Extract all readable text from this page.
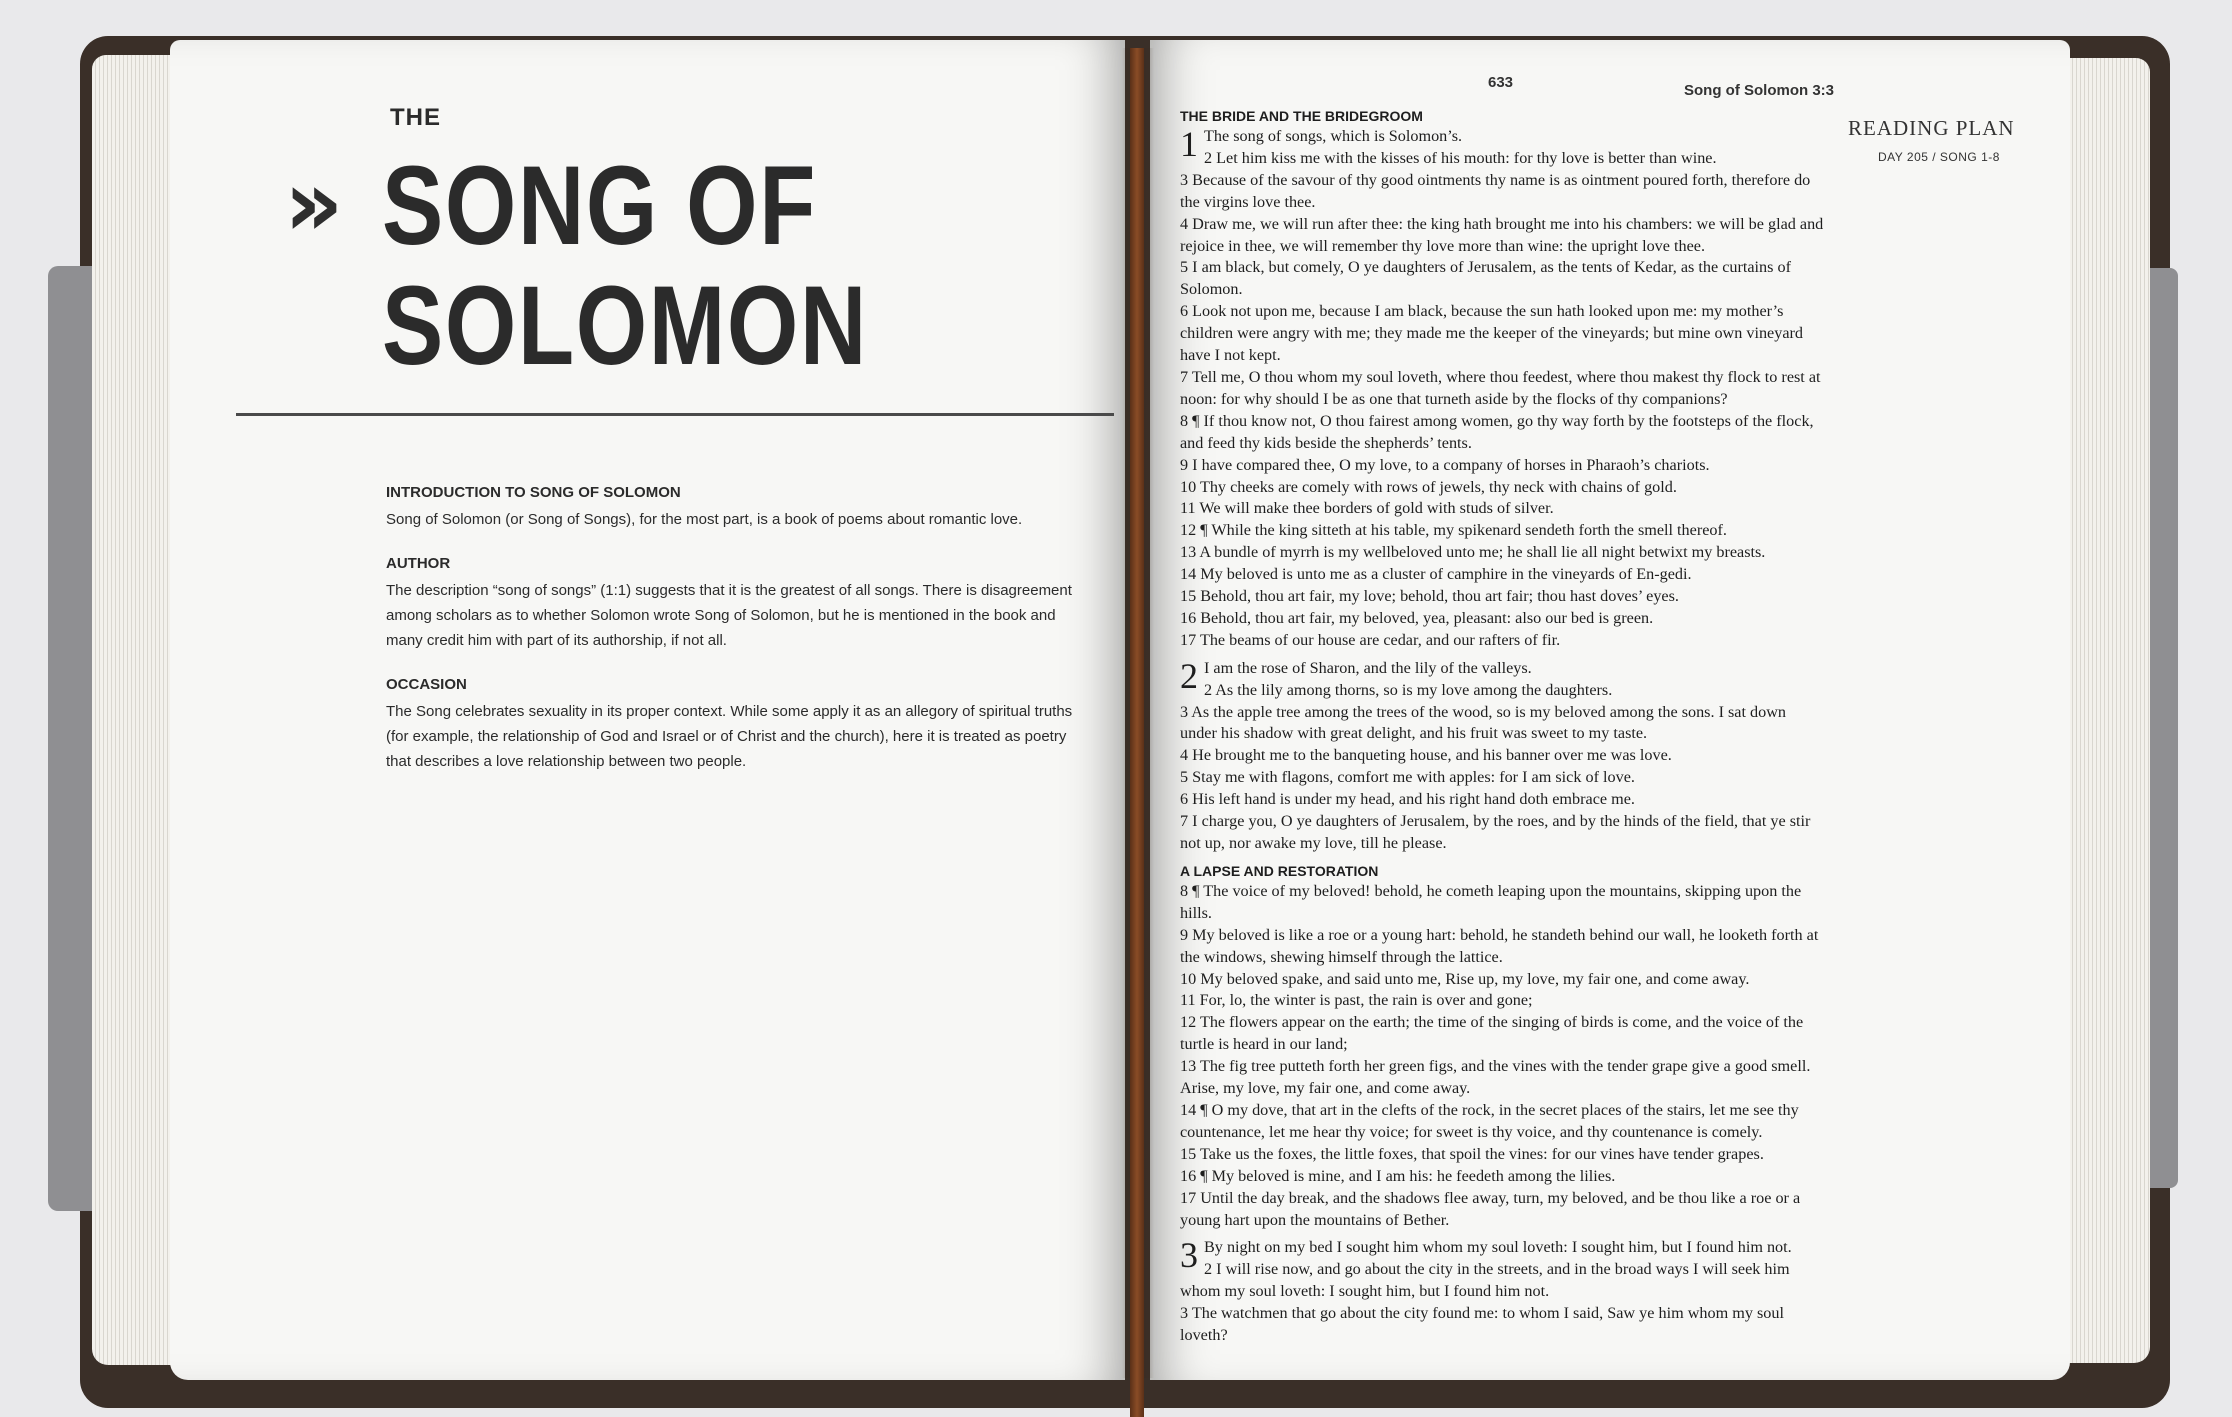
THE
» SONG OF
SOLOMON
INTRODUCTION TO SONG OF SOLOMON

Song of Solomon (or Song of Songs), for the most part, is a book of poems about romantic love.

AUTHOR

The description “song of songs” (1:1) suggests that it is the greatest of all songs. There is disagreement among scholars as to whether Solomon wrote Song of Solomon, but he is mentioned in the book and many credit him with part of its authorship, if not all.

OCCASION

The Song celebrates sexuality in its proper context. While some apply it as an allegory of spiritual truths (for example, the relationship of God and Israel or of Christ and the church), here it is treated as poetry that describes a love relationship between two people.

633	Song of Solomon 3:3
READING PLAN
DAY 205 / SONG 1-8
THE BRIDE AND THE BRIDEGROOM
1 The song of songs, which is Solomon’s.

2 Let him kiss me with the kisses of his mouth: for thy love is better than wine.

3 Because of the savour of thy good ointments thy name is as ointment poured forth, therefore do the virgins love thee.

4 Draw me, we will run after thee: the king hath brought me into his chambers: we will be glad and rejoice in thee, we will remember thy love more than wine: the upright love thee.

5 I am black, but comely, O ye daughters of Jerusalem, as the tents of Kedar, as the curtains of Solomon.

6 Look not upon me, because I am black, because the sun hath looked upon me: my mother’s children were angry with me; they made me the keeper of the vineyards; but mine own vineyard have I not kept.

7 Tell me, O thou whom my soul loveth, where thou feedest, where thou makest thy flock to rest at noon: for why should I be as one that turneth aside by the flocks of thy companions?

8 ¶ If thou know not, O thou fairest among women, go thy way forth by the footsteps of the flock, and feed thy kids beside the shepherds’ tents.

9 I have compared thee, O my love, to a company of horses in Pharaoh’s chariots.

10 Thy cheeks are comely with rows of jewels, thy neck with chains of gold.

11 We will make thee borders of gold with studs of silver.

12 ¶ While the king sitteth at his table, my spikenard sendeth forth the smell thereof.

13 A bundle of myrrh is my wellbeloved unto me; he shall lie all night betwixt my breasts.

14 My beloved is unto me as a cluster of camphire in the vineyards of En-gedi.

15 Behold, thou art fair, my love; behold, thou art fair; thou hast doves’ eyes.

16 Behold, thou art fair, my beloved, yea, pleasant: also our bed is green.

17 The beams of our house are cedar, and our rafters of fir.

2 I am the rose of Sharon, and the lily of the valleys.

2 As the lily among thorns, so is my love among the daughters.

3 As the apple tree among the trees of the wood, so is my beloved among the sons. I sat down under his shadow with great delight, and his fruit was sweet to my taste.

4 He brought me to the banqueting house, and his banner over me was love.

5 Stay me with flagons, comfort me with apples: for I am sick of love.

6 His left hand is under my head, and his right hand doth embrace me.

7 I charge you, O ye daughters of Jerusalem, by the roes, and by the hinds of the field, that ye stir not up, nor awake my love, till he please.

A LAPSE AND RESTORATION

8 ¶ The voice of my beloved! behold, he cometh leaping upon the mountains, skipping upon the hills.

9 My beloved is like a roe or a young hart: behold, he standeth behind our wall, he looketh forth at the windows, shewing himself through the lattice.

10 My beloved spake, and said unto me, Rise up, my love, my fair one, and come away.

11 For, lo, the winter is past, the rain is over and gone;

12 The flowers appear on the earth; the time of the singing of birds is come, and the voice of the turtle is heard in our land;

13 The fig tree putteth forth her green figs, and the vines with the tender grape give a good smell. Arise, my love, my fair one, and come away.

14 ¶ O my dove, that art in the clefts of the rock, in the secret places of the stairs, let me see thy countenance, let me hear thy voice; for sweet is thy voice, and thy countenance is comely.

15 Take us the foxes, the little foxes, that spoil the vines: for our vines have tender grapes.

16 ¶ My beloved is mine, and I am his: he feedeth among the lilies.

17 Until the day break, and the shadows flee away, turn, my beloved, and be thou like a roe or a young hart upon the mountains of Bether.

3 By night on my bed I sought him whom my soul loveth: I sought him, but I found him not.

2 I will rise now, and go about the city in the streets, and in the broad ways I will seek him whom my soul loveth: I sought him, but I found him not.

3 The watchmen that go about the city found me: to whom I said, Saw ye him whom my soul loveth?
